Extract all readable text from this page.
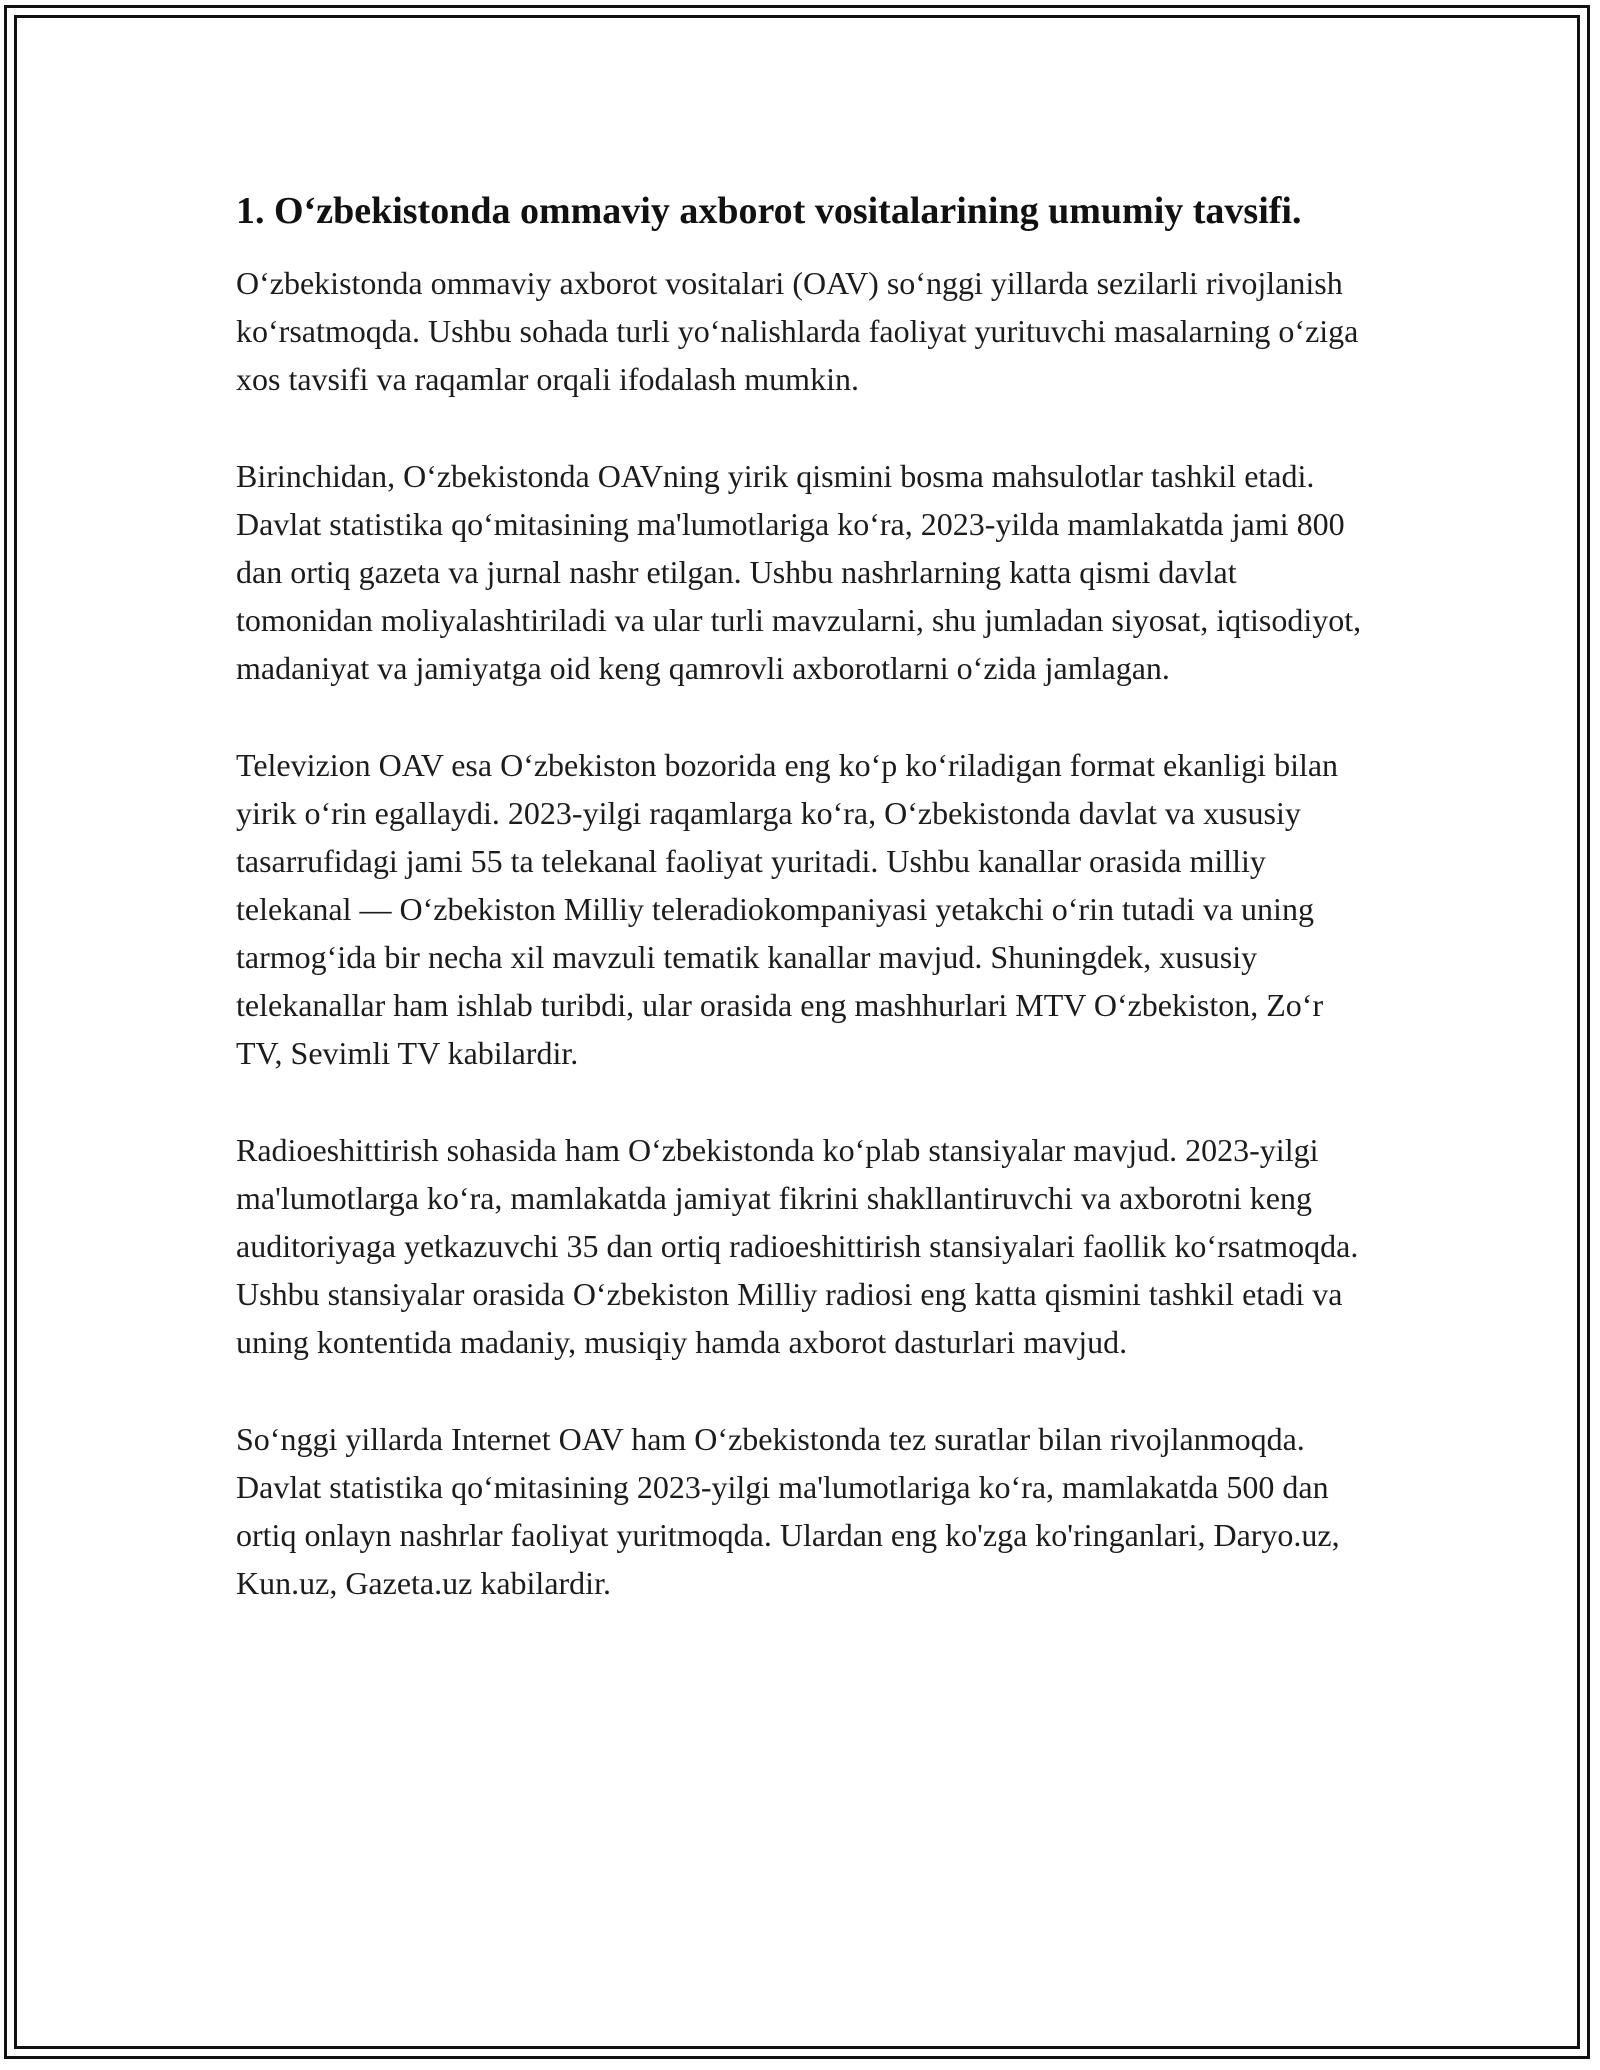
1. O‘zbekistonda ommaviy axborot vositalarining umumiy tavsifi.

O‘zbekistonda ommaviy axborot vositalari (OAV) so‘nggi yillarda sezilarli rivojlanish ko‘rsatmoqda. Ushbu sohada turli yo‘nalishlarda faoliyat yurituvchi masalarning o‘ziga xos tavsifi va raqamlar orqali ifodalash mumkin.

Birinchidan, O‘zbekistonda OAVning yirik qismini bosma mahsulotlar tashkil etadi. Davlat statistika qo‘mitasining ma'lumotlariga ko‘ra, 2023-yilda mamlakatda jami 800 dan ortiq gazeta va jurnal nashr etilgan. Ushbu nashrlarning katta qismi davlat tomonidan moliyalashtiriladi va ular turli mavzularni, shu jumladan siyosat, iqtisodiyot, madaniyat va jamiyatga oid keng qamrovli axborotlarni o‘zida jamlagan.

Televizion OAV esa O‘zbekiston bozorida eng ko‘p ko‘riladigan format ekanligi bilan yirik o‘rin egallaydi. 2023-yilgi raqamlarga ko‘ra, O‘zbekistonda davlat va xususiy tasarrufidagi jami 55 ta telekanal faoliyat yuritadi. Ushbu kanallar orasida milliy telekanal — O‘zbekiston Milliy teleradiokompaniyasi yetakchi o‘rin tutadi va uning tarmog‘ida bir necha xil mavzuli tematik kanallar mavjud. Shuningdek, xususiy telekanallar ham ishlab turibdi, ular orasida eng mashhurlari MTV O‘zbekiston, Zo‘r TV, Sevimli TV kabilardir.

Radioeshittirish sohasida ham O‘zbekistonda ko‘plab stansiyalar mavjud. 2023-yilgi ma'lumotlarga ko‘ra, mamlakatda jamiyat fikrini shakllantiruvchi va axborotni keng auditoriyaga yetkazuvchi 35 dan ortiq radioeshittirish stansiyalari faollik ko‘rsatmoqda. Ushbu stansiyalar orasida O‘zbekiston Milliy radiosi eng katta qismini tashkil etadi va uning kontentida madaniy, musiqiy hamda axborot dasturlari mavjud.

So‘nggi yillarda Internet OAV ham O‘zbekistonda tez suratlar bilan rivojlanmoqda. Davlat statistika qo‘mitasining 2023-yilgi ma'lumotlariga ko‘ra, mamlakatda 500 dan ortiq onlayn nashrlar faoliyat yuritmoqda. Ulardan eng ko'zga ko'ringanlari, Daryo.uz, Kun.uz, Gazeta.uz kabilardir.
